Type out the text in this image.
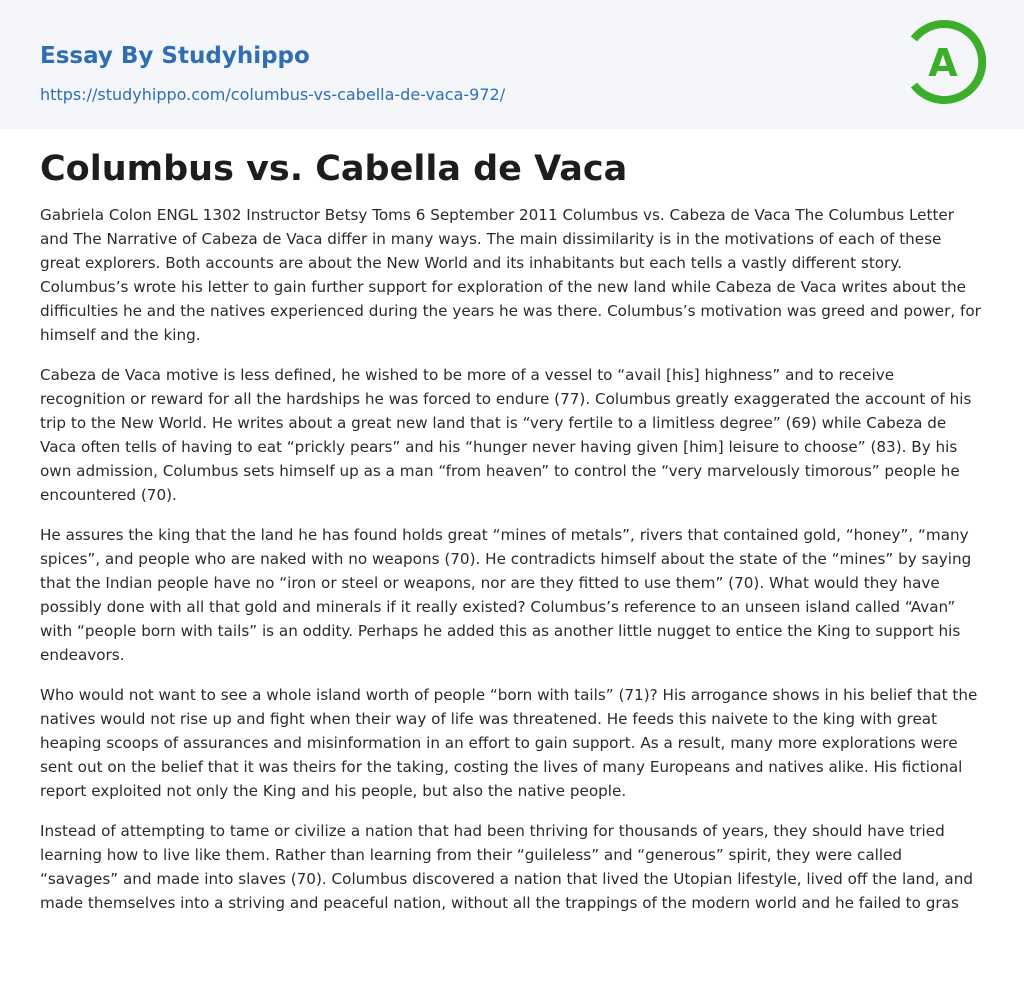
Essay By Studyhippo
https://studyhippo.com/columbus-vs-cabella-de-vaca-972/
A
Columbus vs. Cabella de Vaca

Gabriela Colon ENGL 1302 Instructor Betsy Toms 6 September 2011 Columbus vs. Cabeza de Vaca The Columbus Letter and The Narrative of Cabeza de Vaca differ in many ways. The main dissimilarity is in the motivations of each of these great explorers. Both accounts are about the New World and its inhabitants but each tells a vastly different story. Columbus’s wrote his letter to gain further support for exploration of the new land while Cabeza de Vaca writes about the difficulties he and the natives experienced during the years he was there. Columbus’s motivation was greed and power, for himself and the king.

Cabeza de Vaca motive is less defined, he wished to be more of a vessel to “avail [his] highness” and to receive recognition or reward for all the hardships he was forced to endure (77). Columbus greatly exaggerated the account of his trip to the New World. He writes about a great new land that is “very fertile to a limitless degree” (69) while Cabeza de Vaca often tells of having to eat “prickly pears” and his “hunger never having given [him] leisure to choose” (83). By his own admission, Columbus sets himself up as a man “from heaven” to control the “very marvelously timorous” people he encountered (70).

He assures the king that the land he has found holds great “mines of metals”, rivers that contained gold, “honey”, “many spices”, and people who are naked with no weapons (70). He contradicts himself about the state of the “mines” by saying that the Indian people have no “iron or steel or weapons, nor are they fitted to use them” (70). What would they have possibly done with all that gold and minerals if it really existed? Columbus’s reference to an unseen island called “Avan” with “people born with tails” is an oddity. Perhaps he added this as another little nugget to entice the King to support his endeavors.

Who would not want to see a whole island worth of people “born with tails” (71)? His arrogance shows in his belief that the natives would not rise up and fight when their way of life was threatened. He feeds this naivete to the king with great heaping scoops of assurances and misinformation in an effort to gain support. As a result, many more explorations were sent out on the belief that it was theirs for the taking, costing the lives of many Europeans and natives alike. His fictional report exploited not only the King and his people, but also the native people.

Instead of attempting to tame or civilize a nation that had been thriving for thousands of years, they should have tried learning how to live like them. Rather than learning from their “guileless” and “generous” spirit, they were called “savages” and made into slaves (70). Columbus discovered a nation that lived the Utopian lifestyle, lived off the land, and made themselves into a striving and peaceful nation, without all the trappings of the modern world and he failed to gras
